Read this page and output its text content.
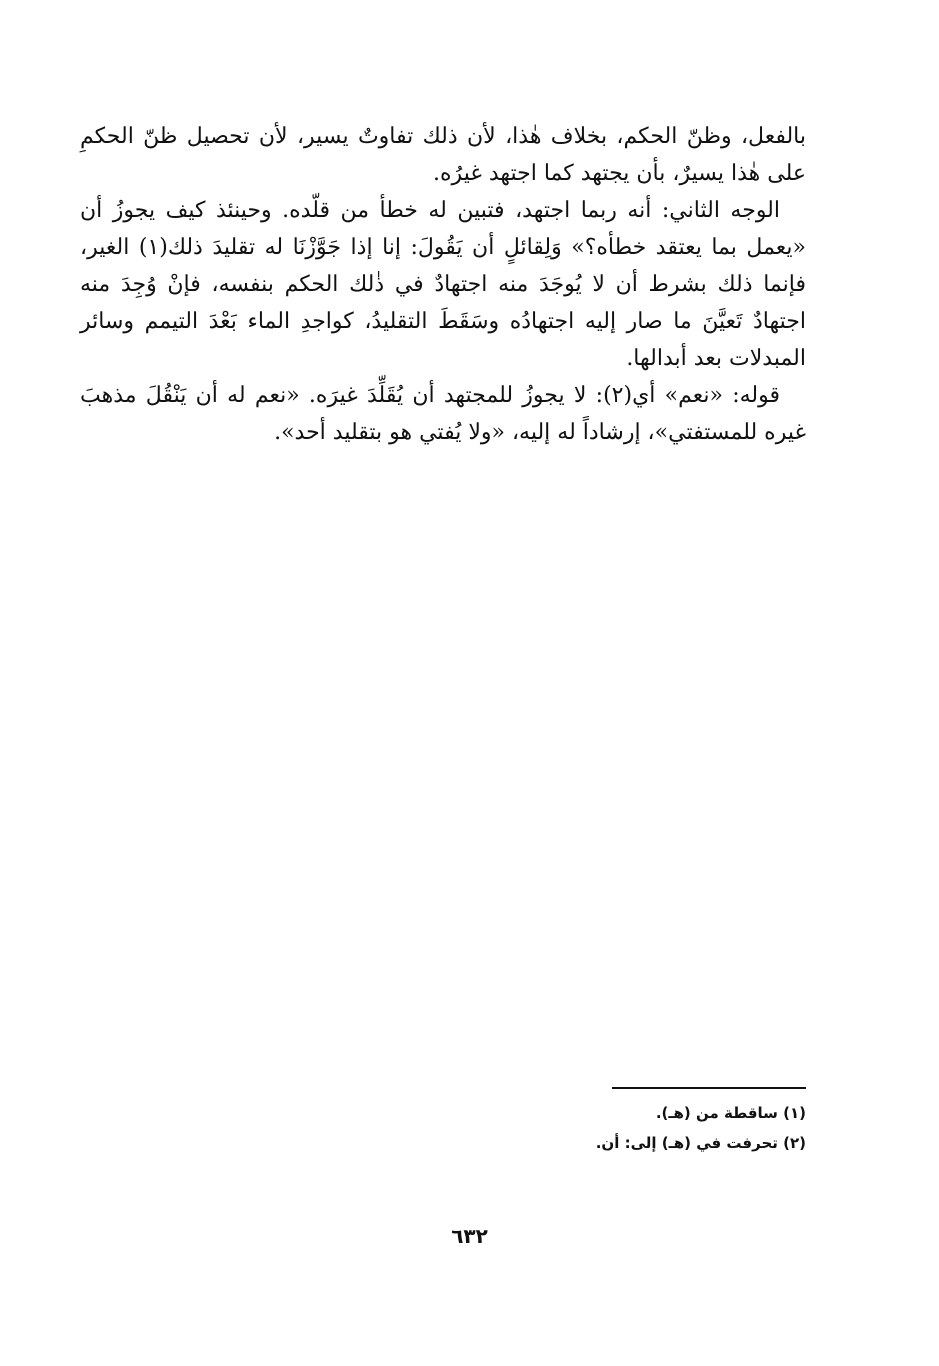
بالفعل، وظنّ الحكم، بخلاف هٰذا، لأن ذلك تفاوتٌ يسير، لأن تحصيل ظنّ الحكمِ على هٰذا يسيرٌ، بأن يجتهد كما اجتهد غيرُه.

الوجه الثاني: أنه ربما اجتهد، فتبين له خطأ من قلّده. وحينئذ كيف يجوزُ أن «يعمل بما يعتقد خطأه؟» وَلِقائلٍ أن يَقُولَ: إنا إذا جَوَّزْنَا له تقليدَ ذلك(١) الغير، فإنما ذلك بشرط أن لا يُوجَدَ منه اجتهادٌ في ذٰلك الحكم بنفسه، فإنْ وُجِدَ منه اجتهادٌ تَعيَّنَ ما صار إليه اجتهادُه وسَقَطَ التقليدُ، كواجدِ الماء بَعْدَ التيمم وسائر المبدلات بعد أبدالها.

قوله: «نعم» أي(٢): لا يجوزُ للمجتهد أن يُقَلِّدَ غيرَه. «نعم له أن يَنْقُلَ مذهبَ غيره للمستفتي»، إرشاداً له إليه، «ولا يُفتي هو بتقليد أحد».

(١) ساقطة من (هـ).
(٢) تحرفت في (هـ) إلى: أن.
٦٣٢
